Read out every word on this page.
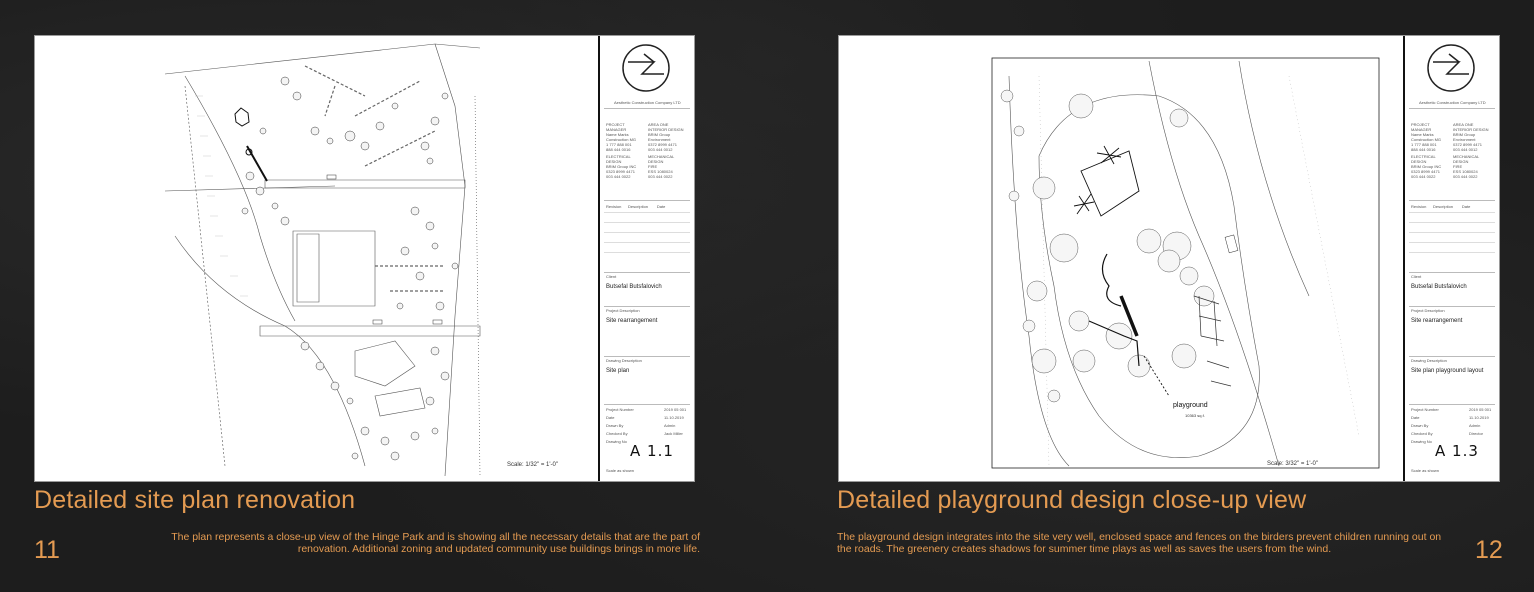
Scale: 1/32" = 1'-0"
Aesthetic Construction Company LTD
PROJECT
MANAGER
Name Marks
Construction MG
1 777 888 001
888 444 0016
AREA ONE
INTERIOR DESIGN
BRIM Group
Environment
0372 8999 4471
003 444 0012
ELECTRICAL
DESIGN
BRIM Group INC
0323 8999 4471
003 444 0022
MECHANICAL
DESIGN
FIRE
ESS 1080024
003 444 0022
Revision Description Date
Client
Butsefal Butsfalovich
Project Description
Site rearrangement
Drawing Description
Site plan
Project Number
Date
Drawn By
Checked By
Drawing No
2019 05 001
11.10.2019
Admin
Jack Miller
A 1.1
Scale as shown
Detailed site plan renovation
11	The plan represents a close-up view of the Hinge Park and is showing all the necessary details that are the part of renovation. Additional zoning and updated community use buildings brings in more life.

playground
10363 sq.f.
Scale: 3/32" = 1'-0"
Aesthetic Construction Company LTD
PROJECT
MANAGER
Name Marks
Construction MG
1 777 888 001
888 444 0016
AREA ONE
INTERIOR DESIGN
BRIM Group
Environment
0372 8999 4471
003 444 0012
ELECTRICAL
DESIGN
BRIM Group INC
0323 8999 4471
003 444 0022
MECHANICAL
DESIGN
FIRE
ESS 1080024
003 444 0022
Revision Description Date
Client
Butsefal Butsfalovich
Project Description
Site rearrangement
Drawing Description
Site plan playground layout
Project Number
Date
Drawn By
Checked By
Drawing No
2019 05 001
11.10.2019
Admin
Director
A 1.3
Scale as shown
Detailed playground design close-up view

The playground design integrates into the site very well, enclosed space and fences on the birders prevent children running out on the roads. The greenery creates shadows for summer time plays as well as saves the users from the wind.	12
